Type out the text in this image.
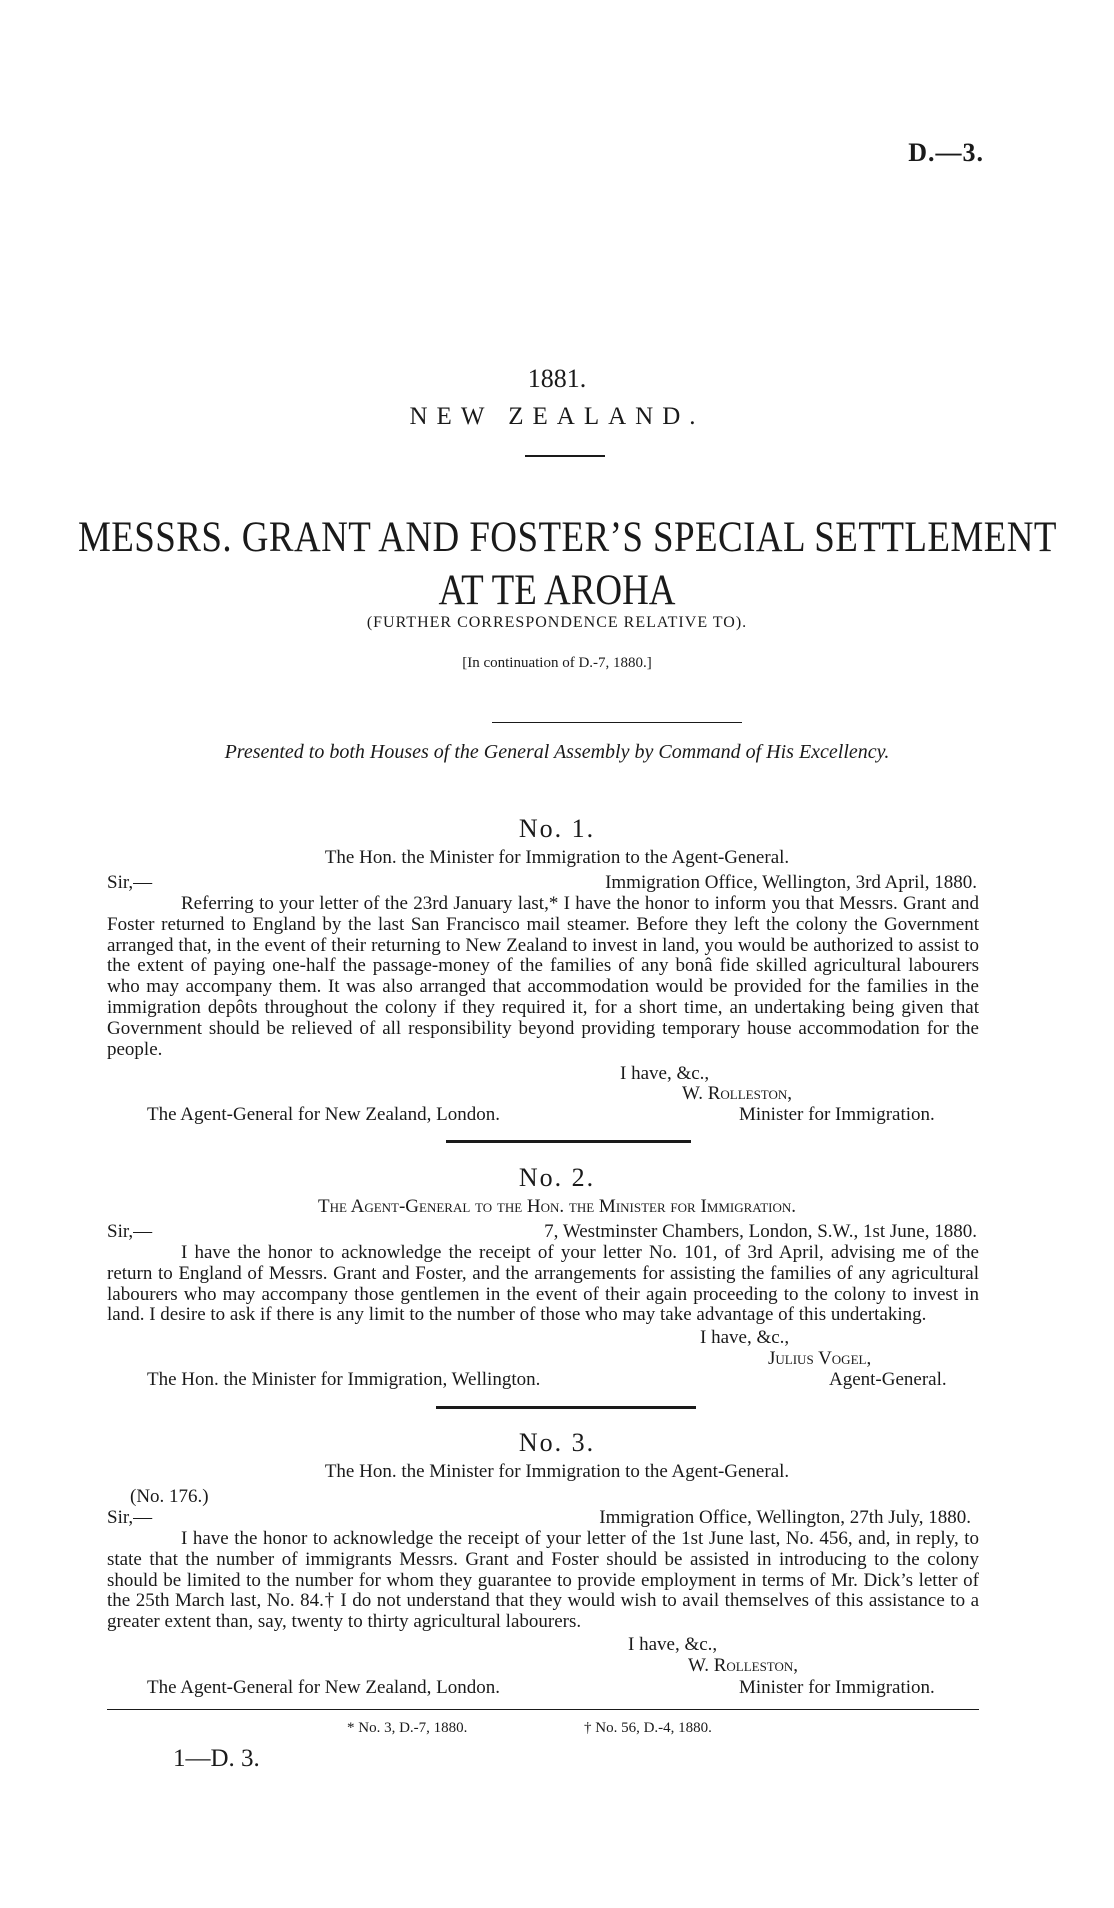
D.—3.
1881.
NEW ZEALAND.
MESSRS. GRANT AND FOSTER’S SPECIAL SETTLEMENT
AT TE AROHA
(FURTHER CORRESPONDENCE RELATIVE TO).
[In continuation of D.-7, 1880.]
Presented to both Houses of the General Assembly by Command of His Excellency.
No. 1.
The Hon. the Minister for Immigration to the Agent-General.
Sir,—	Immigration Office, Wellington, 3rd April, 1880.

Referring to your letter of the 23rd January last,* I have the honor to inform you that Messrs. Grant and Foster returned to England by the last San Francisco mail steamer. Before they left the colony the Government arranged that, in the event of their returning to New Zealand to invest in land, you would be authorized to assist to the extent of paying one-half the passage-money of the families of any bonâ fide skilled agricultural labourers who may accompany them. It was also arranged that accommodation would be provided for the families in the immigration depôts throughout the colony if they required it, for a short time, an undertaking being given that Government should be relieved of all responsibility beyond providing temporary house accommodation for the people.

I have, &c.,
W. Rolleston,
The Agent-General for New Zealand, London.	Minister for Immigration.
No. 2.
The Agent-General to the Hon. the Minister for Immigration.
Sir,—	7, Westminster Chambers, London, S.W., 1st June, 1880.

I have the honor to acknowledge the receipt of your letter No. 101, of 3rd April, advising me of the return to England of Messrs. Grant and Foster, and the arrangements for assisting the families of any agricultural labourers who may accompany those gentlemen in the event of their again proceeding to the colony to invest in land. I desire to ask if there is any limit to the number of those who may take advantage of this undertaking.

I have, &c.,
Julius Vogel,
The Hon. the Minister for Immigration, Wellington.	Agent-General.
No. 3.
The Hon. the Minister for Immigration to the Agent-General.
(No. 176.)
Sir,—	Immigration Office, Wellington, 27th July, 1880.

I have the honor to acknowledge the receipt of your letter of the 1st June last, No. 456, and, in reply, to state that the number of immigrants Messrs. Grant and Foster should be assisted in introducing to the colony should be limited to the number for whom they guarantee to provide employment in terms of Mr. Dick’s letter of the 25th March last, No. 84.† I do not understand that they would wish to avail themselves of this assistance to a greater extent than, say, twenty to thirty agricultural labourers.

I have, &c.,
W. Rolleston,
The Agent-General for New Zealand, London.	Minister for Immigration.
* No. 3, D.-7, 1880.	† No. 56, D.-4, 1880.
1—D. 3.
